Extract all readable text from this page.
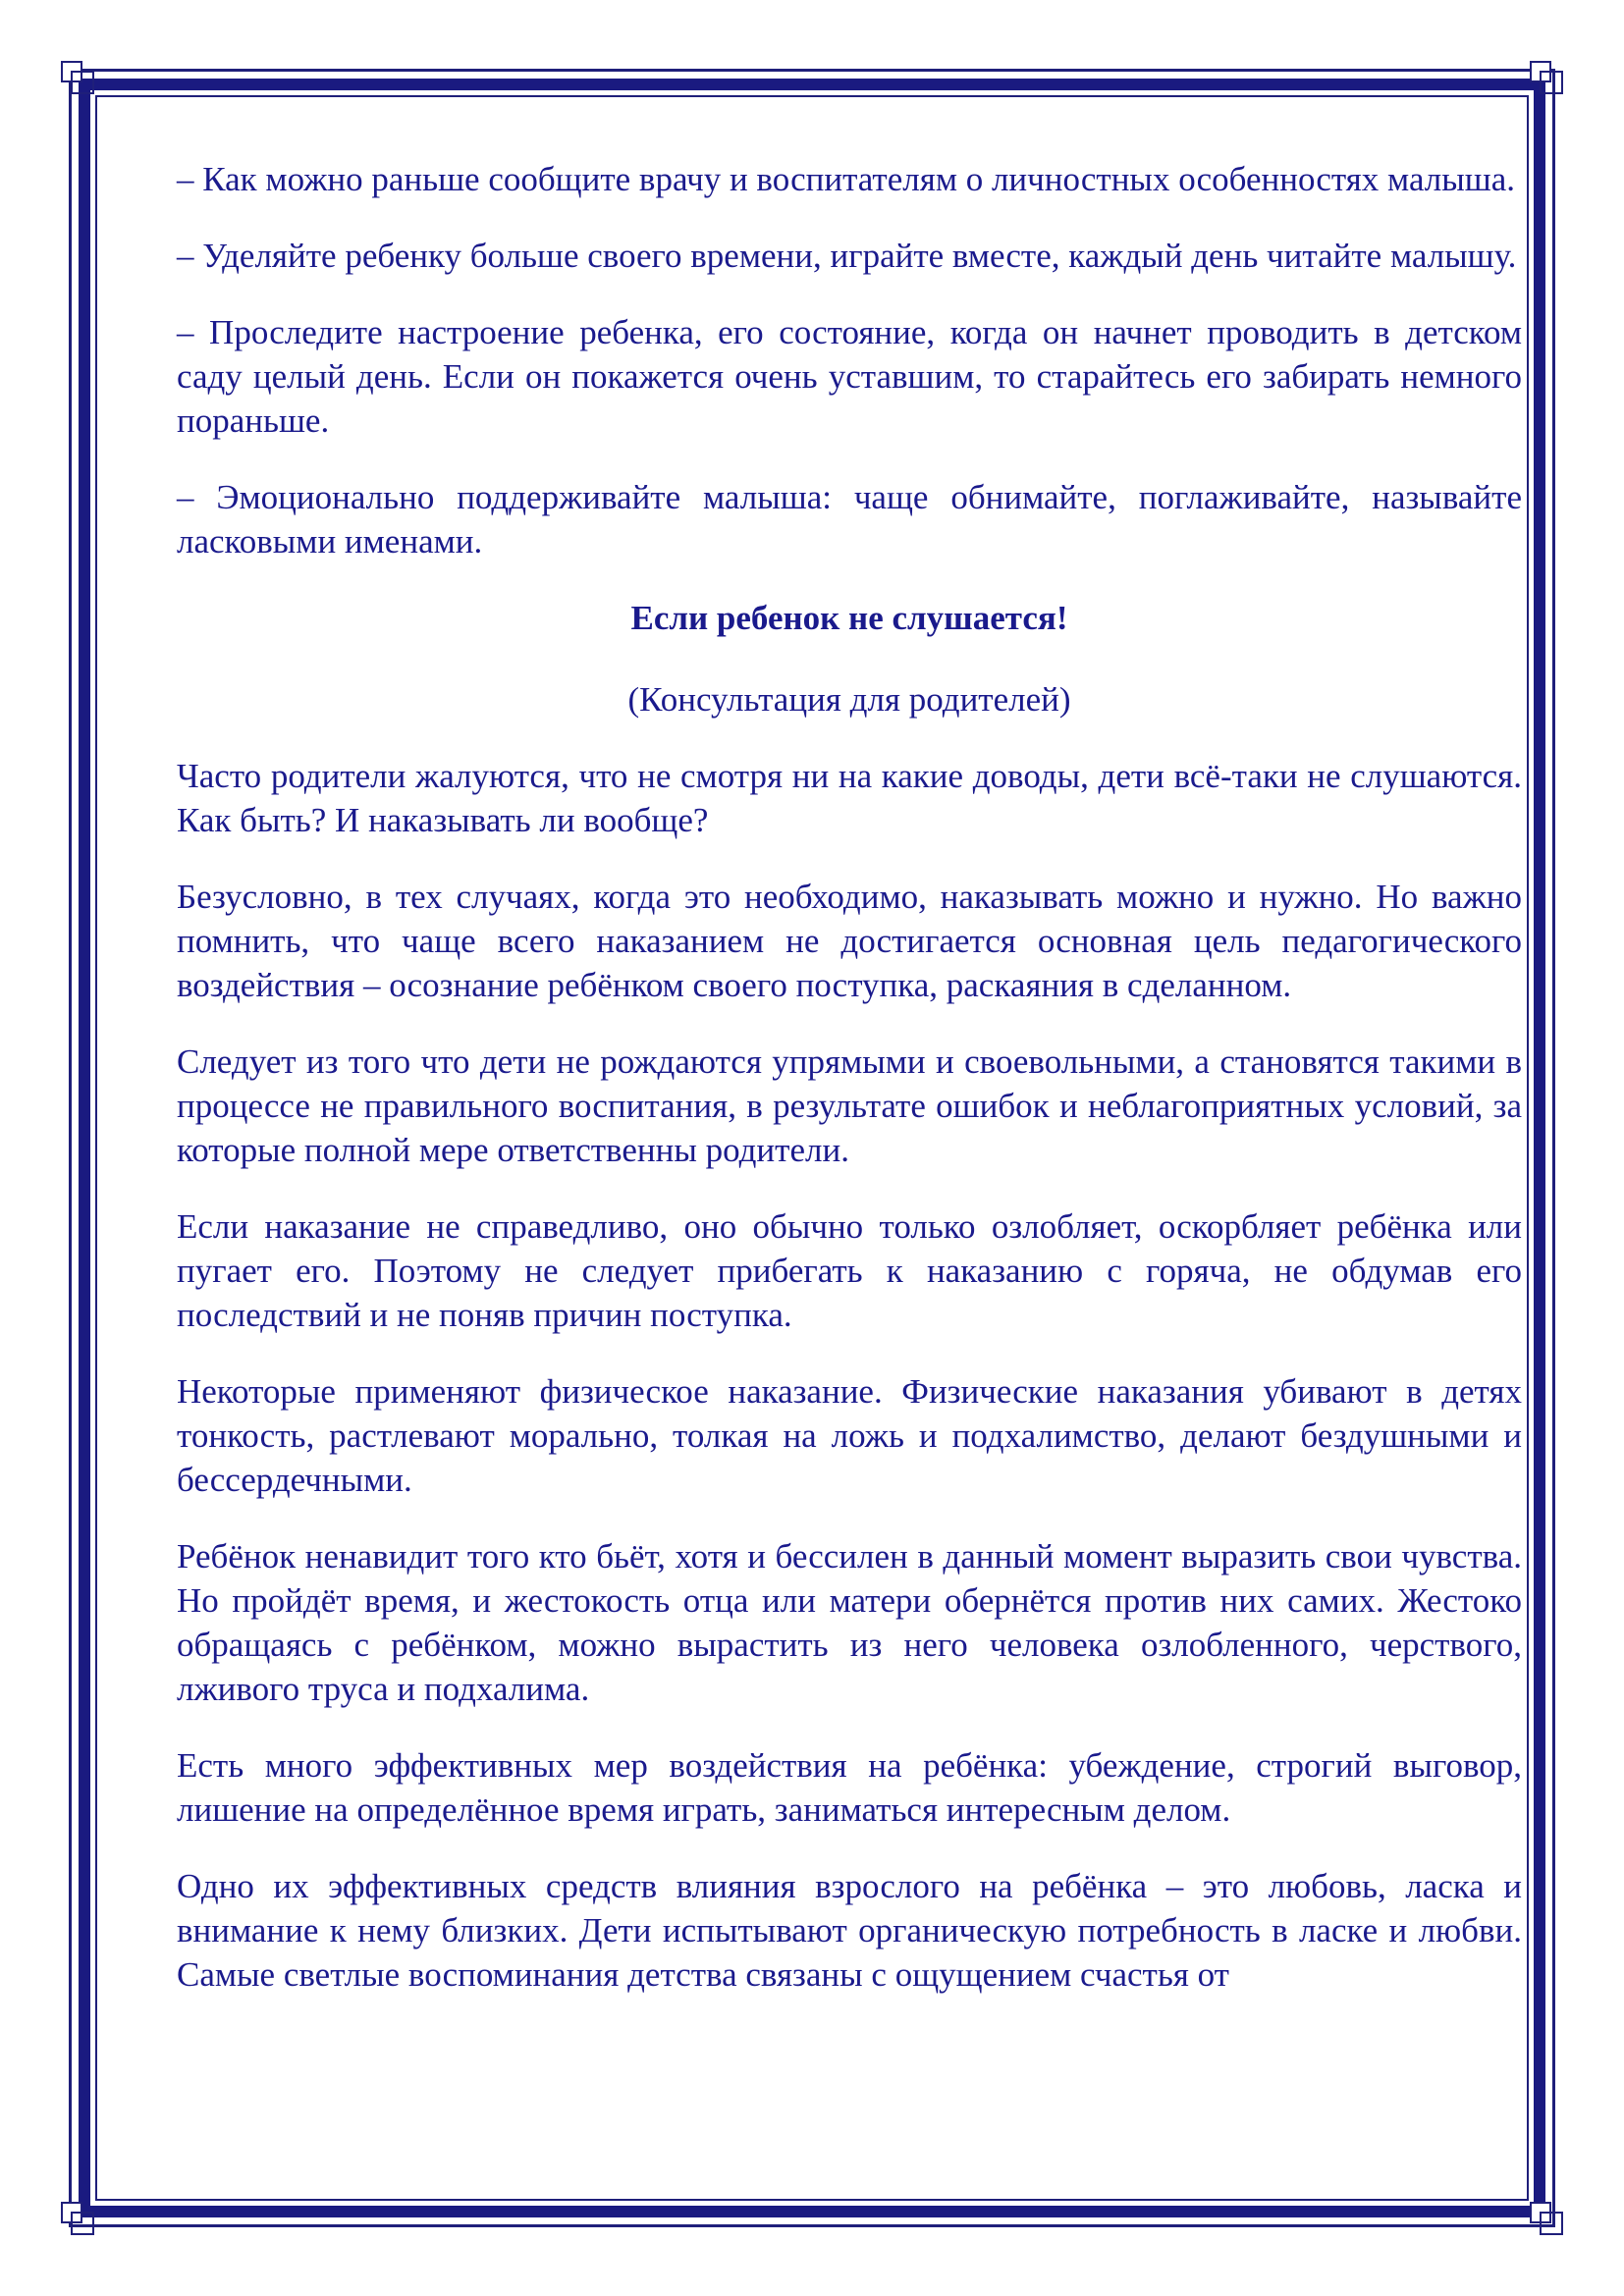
– Как можно раньше сообщите врачу и воспитателям о личностных особенностях малыша.

– Уделяйте ребенку больше своего времени, играйте вместе, каждый день читайте малышу.

– Проследите настроение ребенка, его состояние, когда он начнет проводить в детском саду целый день. Если он покажется очень уставшим, то старайтесь его забирать немного пораньше.

– Эмоционально поддерживайте малыша: чаще обнимайте, поглаживайте, называйте ласковыми именами.

Если ребенок не слушается!

(Консультация для родителей)

Часто родители жалуются, что не смотря ни на какие доводы, дети всё-таки не слушаются. Как быть? И наказывать ли вообще?

Безусловно, в тех случаях, когда это необходимо, наказывать можно и нужно. Но важно помнить, что чаще всего наказанием не достигается основная цель педагогического воздействия – осознание ребёнком своего поступка, раскаяния в сделанном.

Следует из того что дети не рождаются упрямыми и своевольными, а становятся такими в процессе не правильного воспитания, в результате ошибок и неблагоприятных условий, за которые полной мере ответственны родители.

Если наказание не справедливо, оно обычно только озлобляет, оскорбляет ребёнка или пугает его. Поэтому не следует прибегать к наказанию с горяча, не обдумав его последствий и не поняв причин поступка.

Некоторые применяют физическое наказание. Физические наказания убивают в детях тонкость, растлевают морально, толкая на ложь и подхалимство, делают бездушными и бессердечными.

Ребёнок ненавидит того кто бьёт, хотя и бессилен в данный момент выразить свои чувства. Но пройдёт время, и жестокость отца или матери обернётся против них самих. Жестоко обращаясь с ребёнком, можно вырастить из него человека озлобленного, черствого, лживого труса и подхалима.

Есть много эффективных мер воздействия на ребёнка: убеждение, строгий выговор, лишение на определённое время играть, заниматься интересным делом.

Одно их эффективных средств влияния взрослого на ребёнка – это любовь, ласка и внимание к нему близких. Дети испытывают органическую потребность в ласке и любви. Самые светлые воспоминания детства связаны с ощущением счастья от
